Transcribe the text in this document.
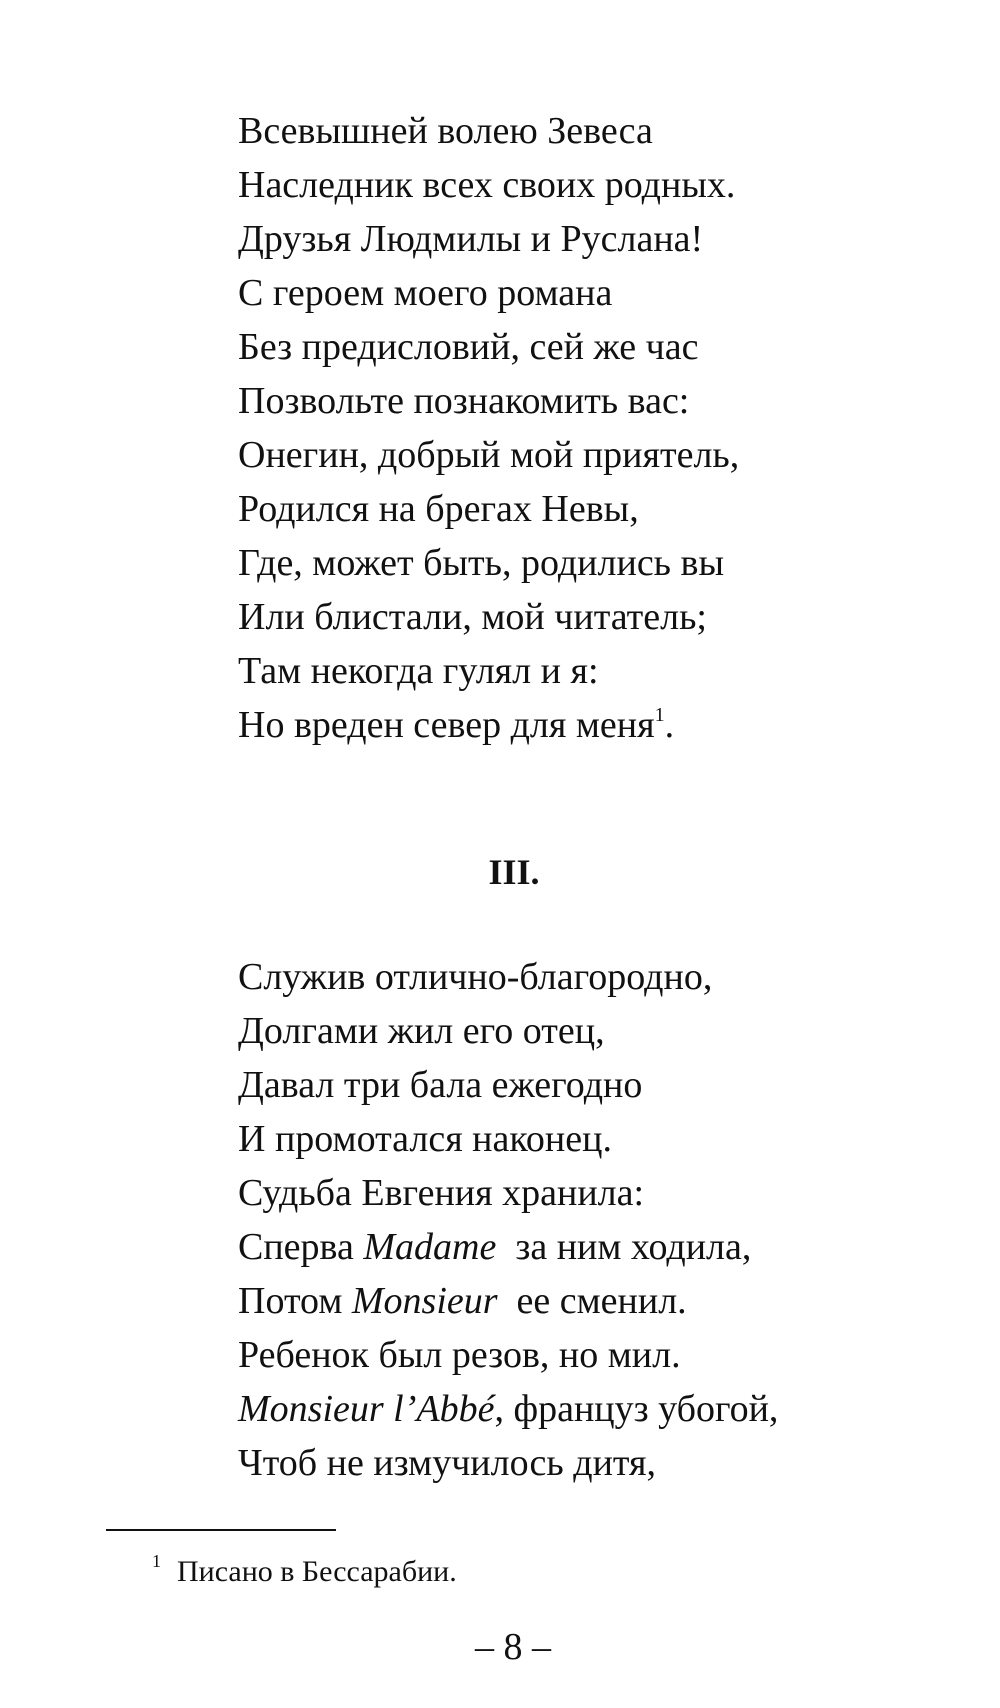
Всевышней волею Зевеса
Наследник всех своих родных.
Друзья Людмилы и Руслана!
С героем моего романа
Без предисловий, сей же час
Позвольте познакомить вас:
Онегин, добрый мой приятель,
Родился на брегах Невы,
Где, может быть, родились вы
Или блистали, мой читатель;
Там некогда гулял и я:
Но вреден север для меня$^1$.
III.
Служив отлично-благородно,
Долгами жил его отец,
Давал три бала ежегодно
И промотался наконец.
Судьба Евгения хранила:
Сперва Madame  за ним ходила,
Потом Monsieur  ее сменил.
Ребенок был резов, но мил.
Monsieur l’Abbé, француз убогой,
Чтоб не измучилось дитя,
$^1$ Писано в Бессарабии.
– 8 –
